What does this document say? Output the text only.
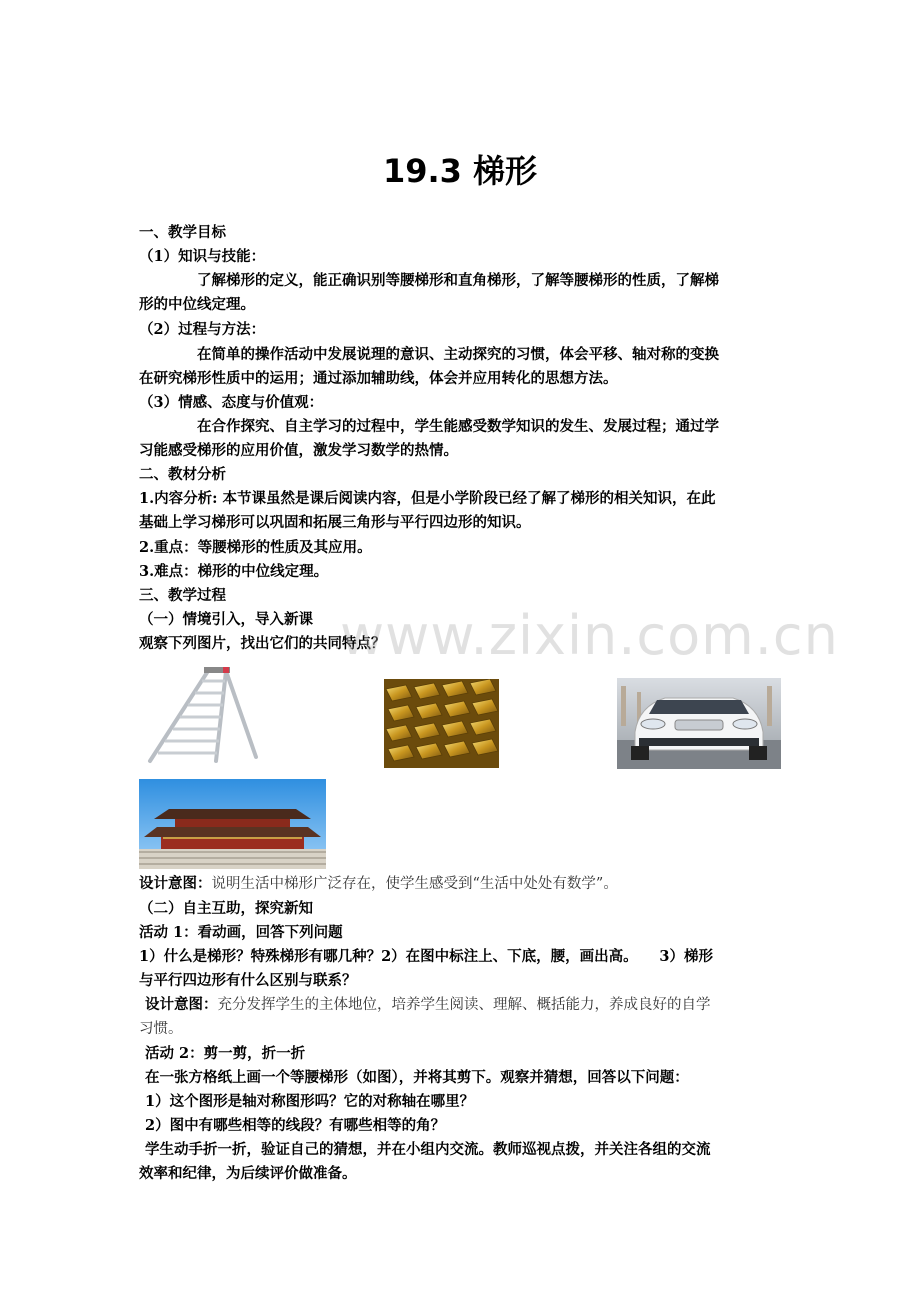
19.3 梯形
一、教学目标
（1）知识与技能：
了解梯形的定义，能正确识别等腰梯形和直角梯形，了解等腰梯形的性质，了解梯
形的中位线定理。
（2）过程与方法：
在简单的操作活动中发展说理的意识、主动探究的习惯，体会平移、轴对称的变换
在研究梯形性质中的运用；通过添加辅助线，体会并应用转化的思想方法。
（3）情感、态度与价值观：
在合作探究、自主学习的过程中，学生能感受数学知识的发生、发展过程；通过学
习能感受梯形的应用价值，激发学习数学的热情。
二、教材分析
1.内容分析: 本节课虽然是课后阅读内容，但是小学阶段已经了解了梯形的相关知识，在此
基础上学习梯形可以巩固和拓展三角形与平行四边形的知识。
2.重点：等腰梯形的性质及其应用。
3.难点：梯形的中位线定理。
三、教学过程
（一）情境引入，导入新课
观察下列图片，找出它们的共同特点？
www.zixin.com.cn
设计意图：说明生活中梯形广泛存在，使学生感受到“生活中处处有数学”。
（二）自主互助，探究新知
活动 1：看动画，回答下列问题
1）什么是梯形？特殊梯形有哪几种？2）在图中标注上、下底，腰，画出高。　　3）梯形
与平行四边形有什么区别与联系？
设计意图：充分发挥学生的主体地位，培养学生阅读、理解、概括能力，养成良好的自学
习惯。
活动 2：剪一剪，折一折
在一张方格纸上画一个等腰梯形（如图），并将其剪下。观察并猜想，回答以下问题：
1）这个图形是轴对称图形吗？它的对称轴在哪里？
2）图中有哪些相等的线段？有哪些相等的角？
学生动手折一折，验证自己的猜想，并在小组内交流。教师巡视点拨，并关注各组的交流
效率和纪律，为后续评价做准备。
